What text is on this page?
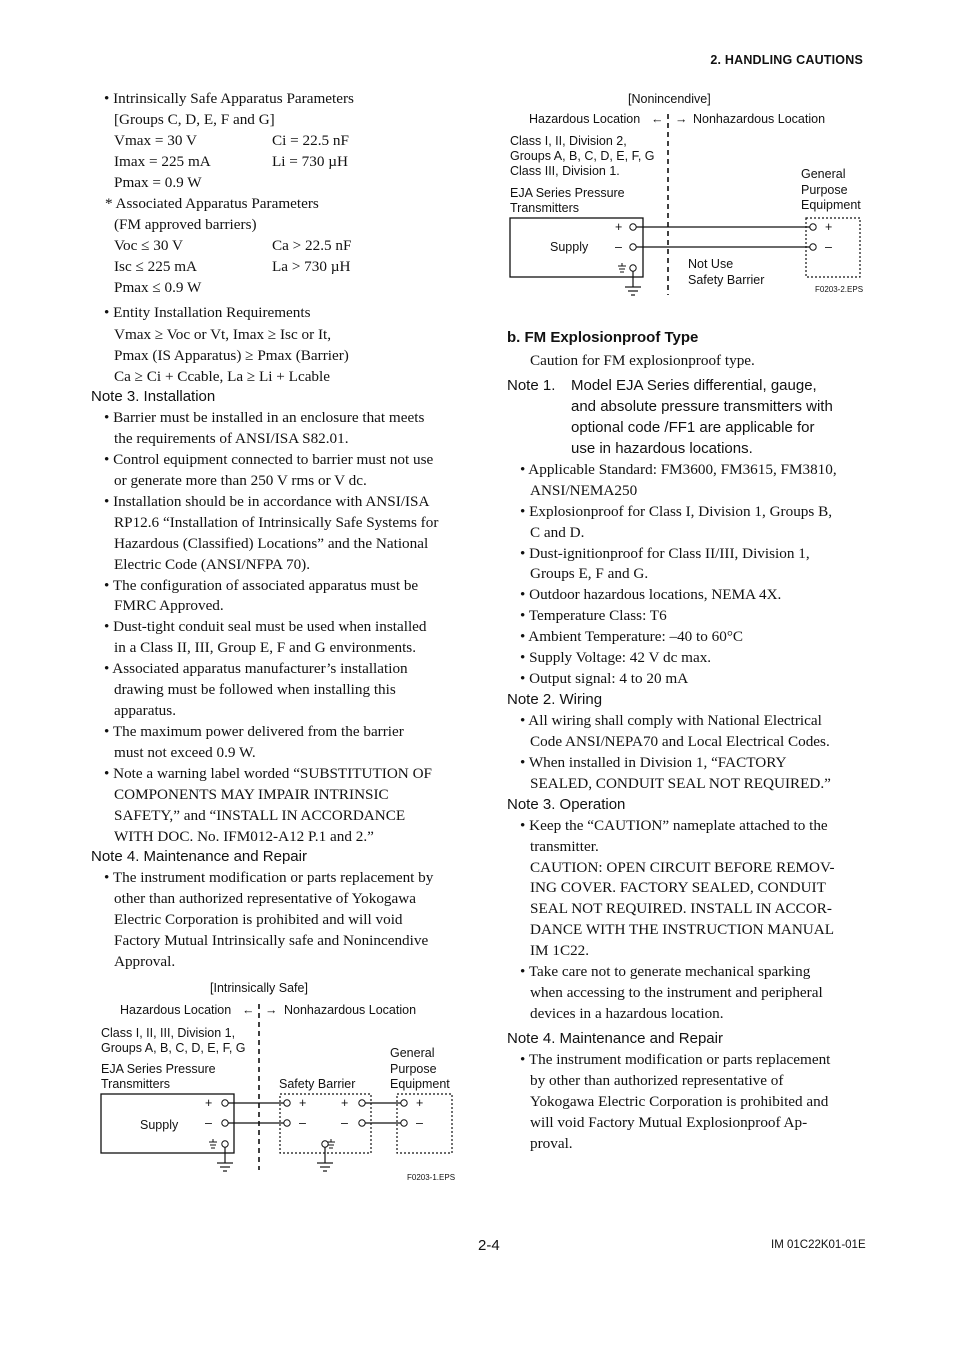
2. HANDLING CAUTIONS
• Intrinsically Safe Apparatus Parameters
[Groups C, D, E, F and G]
Vmax = 30 V	Ci = 22.5 nF
Imax = 225 mA	Li = 730 µH
Pmax = 0.9 W
* Associated Apparatus Parameters
(FM approved barriers)
Voc ≤ 30 V	Ca > 22.5 nF
Isc ≤ 225 mA	La > 730 µH
Pmax ≤ 0.9 W
• Entity Installation Requirements
Vmax ≥ Voc or Vt, Imax ≥ Isc or It,
Pmax (IS Apparatus) ≥ Pmax (Barrier)
Ca ≥ Ci + Ccable, La ≥ Li + Lcable
Note 3. Installation
• Barrier must be installed in an enclosure that meets
the requirements of ANSI/ISA S82.01.
• Control equipment connected to barrier must not use
or generate more than 250 V rms or V dc.
• Installation should be in accordance with ANSI/ISA
RP12.6 “Installation of Intrinsically Safe Systems for
Hazardous (Classified) Locations” and the National
Electric Code (ANSI/NFPA 70).
• The configuration of associated apparatus must be
FMRC Approved.
• Dust-tight conduit seal must be used when installed
in a Class II, III, Group E, F and G environments.
• Associated apparatus manufacturer’s installation
drawing must be followed when installing this
apparatus.
• The maximum power delivered from the barrier
must not exceed 0.9 W.
• Note a warning label worded “SUBSTITUTION OF
COMPONENTS MAY IMPAIR INTRINSIC
SAFETY,” and “INSTALL IN ACCORDANCE
WITH DOC. No. IFM012-A12 P.1 and 2.”
Note 4. Maintenance and Repair
• The instrument modification or parts replacement by
other than authorized representative of Yokogawa
Electric Corporation is prohibited and will void
Factory Mutual Intrinsically safe and Nonincendive
Approval.
b. FM Explosionproof Type
Caution for FM explosionproof type.
Note 1. Model EJA Series differential, gauge,
and absolute pressure transmitters with
optional code /FF1 are applicable for
use in hazardous locations.
• Applicable Standard: FM3600, FM3615, FM3810,
ANSI/NEMA250
• Explosionproof for Class I, Division 1, Groups B,
C and D.
• Dust-ignitionproof for Class II/III, Division 1,
Groups E, F and G.
• Outdoor hazardous locations, NEMA 4X.
• Temperature Class: T6
• Ambient Temperature: –40 to 60°C
• Supply Voltage: 42 V dc max.
• Output signal: 4 to 20 mA
Note 2. Wiring
• All wiring shall comply with National Electrical
Code ANSI/NEPA70 and Local Electrical Codes.
• When installed in Division 1, “FACTORY
SEALED, CONDUIT SEAL NOT REQUIRED.”
Note 3. Operation
• Keep the “CAUTION” nameplate attached to the
transmitter.
CAUTION: OPEN CIRCUIT BEFORE REMOV-
ING COVER. FACTORY SEALED, CONDUIT
SEAL NOT REQUIRED. INSTALL IN ACCOR-
DANCE WITH THE INSTRUCTION MANUAL
IM 1C22.
• Take care not to generate mechanical sparking
when accessing to the instrument and peripheral
devices in a hazardous location.
Note 4. Maintenance and Repair
• The instrument modification or parts replacement
by other than authorized representative of
Yokogawa Electric Corporation is prohibited and
will void Factory Mutual Explosionproof Ap-
proval.
[Nonincendive]
Hazardous Location ← → Nonhazardous Location
Class I, II, Division 2,
Groups A, B, C, D, E, F, G
Class III, Division 1.
EJA Series Pressure
Transmitters
Supply
+
–
General
Purpose
Equipment
+
–
Not Use
Safety Barrier
F0203-2.EPS
[Intrinsically Safe]
Hazardous Location ← → Nonhazardous Location
Class I, II, III, Division 1,
Groups A, B, C, D, E, F, G
EJA Series Pressure
Transmitters
Supply
+
–
Safety Barrier
+
–
+
–
General
Purpose
Equipment
+
–
F0203-1.EPS
2-4	IM 01C22K01-01E
